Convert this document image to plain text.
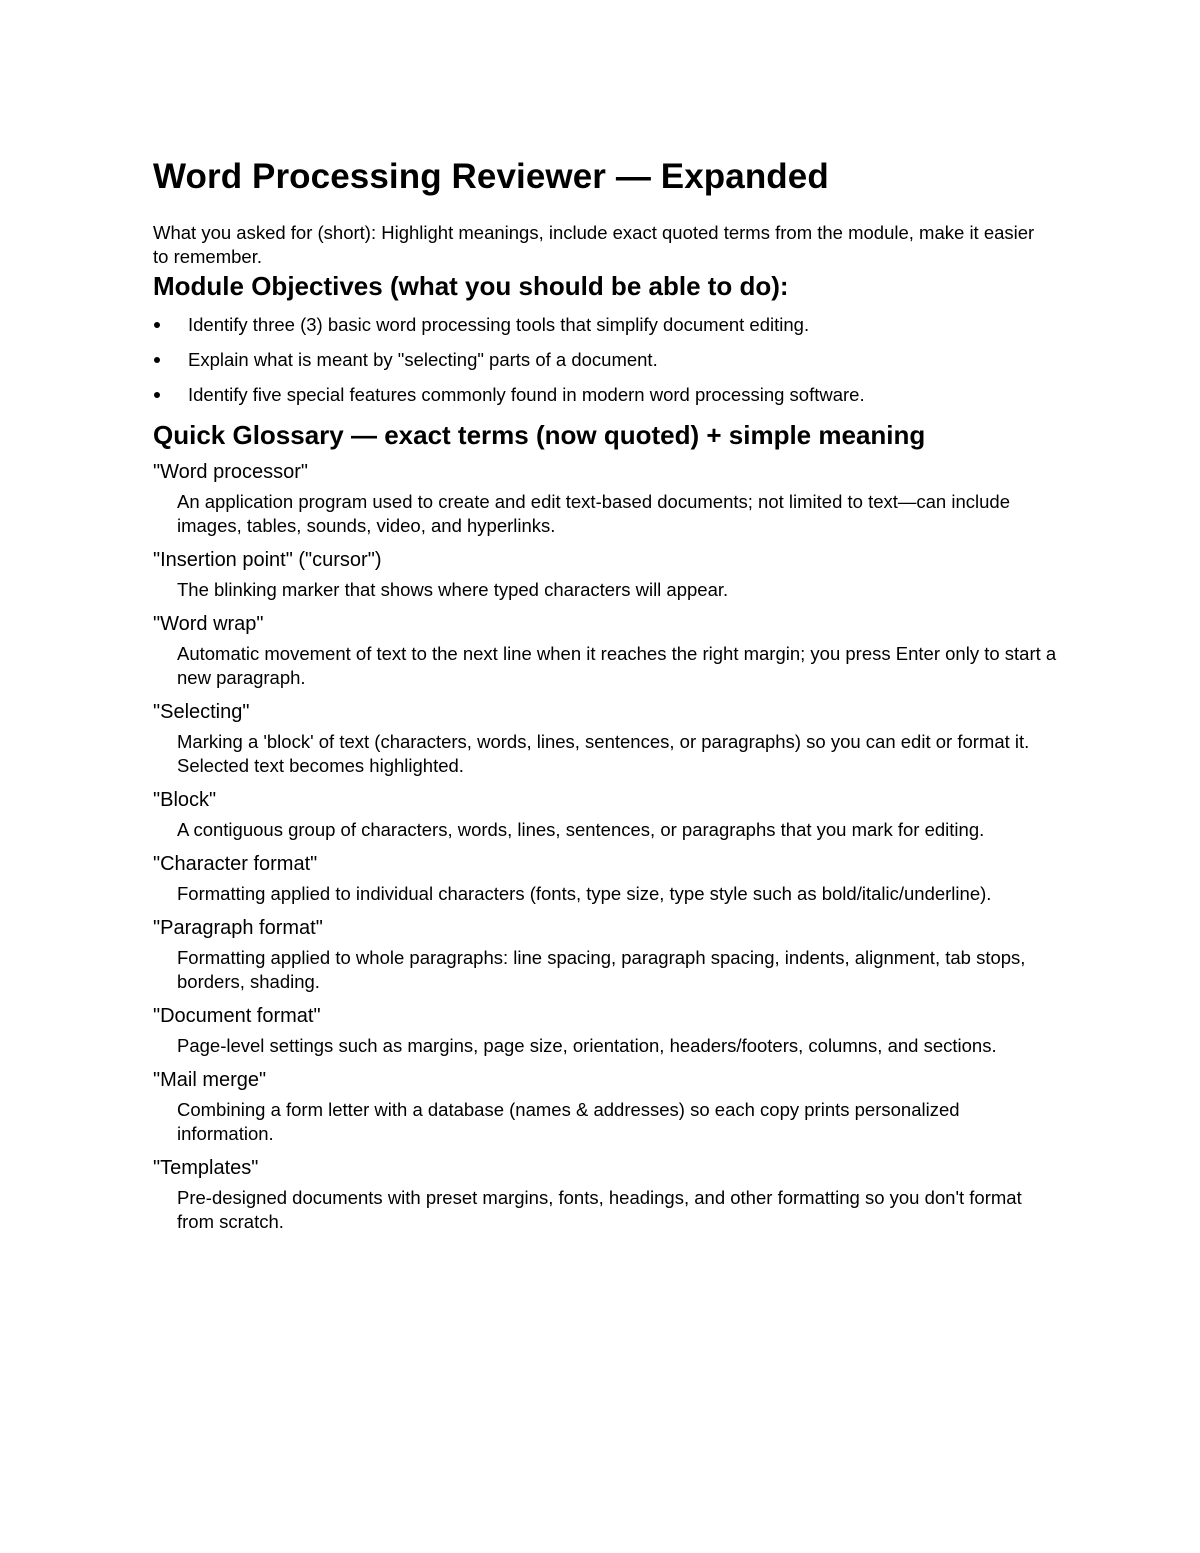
Word Processing Reviewer — Expanded

What you asked for (short): Highlight meanings, include exact quoted terms from the module, make it easier to remember.

Module Objectives (what you should be able to do):
Identify three (3) basic word processing tools that simplify document editing.
Explain what is meant by "selecting" parts of a document.
Identify five special features commonly found in modern word processing software.
Quick Glossary — exact terms (now quoted) + simple meaning
"Word processor"
An application program used to create and edit text-based documents; not limited to text—can include images, tables, sounds, video, and hyperlinks.
"Insertion point" ("cursor")
The blinking marker that shows where typed characters will appear.
"Word wrap"
Automatic movement of text to the next line when it reaches the right margin; you press Enter only to start a new paragraph.
"Selecting"
Marking a 'block' of text (characters, words, lines, sentences, or paragraphs) so you can edit or format it. Selected text becomes highlighted.
"Block"
A contiguous group of characters, words, lines, sentences, or paragraphs that you mark for editing.
"Character format"
Formatting applied to individual characters (fonts, type size, type style such as bold/italic/underline).
"Paragraph format"
Formatting applied to whole paragraphs: line spacing, paragraph spacing, indents, alignment, tab stops, borders, shading.
"Document format"
Page-level settings such as margins, page size, orientation, headers/footers, columns, and sections.
"Mail merge"
Combining a form letter with a database (names & addresses) so each copy prints personalized information.
"Templates"
Pre-designed documents with preset margins, fonts, headings, and other formatting so you don't format from scratch.
